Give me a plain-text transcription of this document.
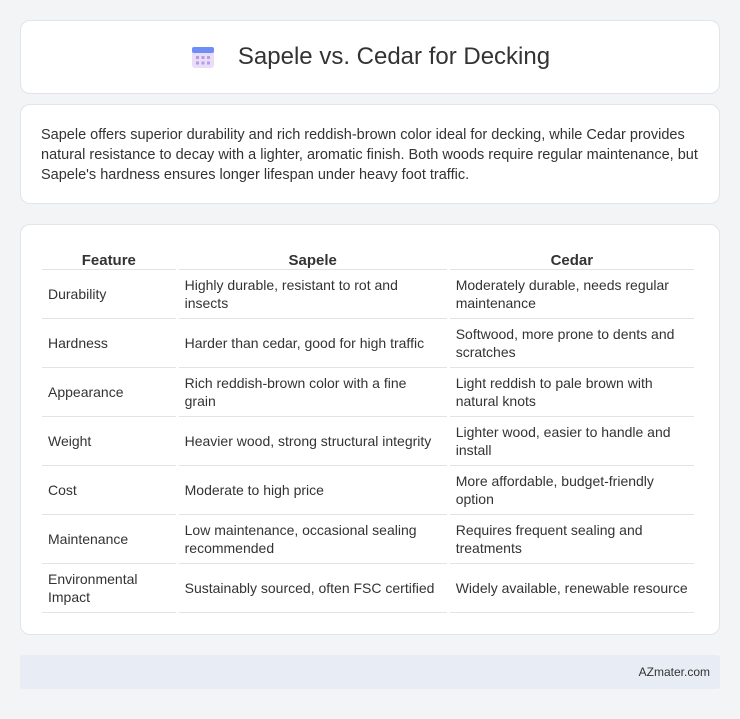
Sapele vs. Cedar for Decking

Sapele offers superior durability and rich reddish-brown color ideal for decking, while Cedar provides natural resistance to decay with a lighter, aromatic finish. Both woods require regular maintenance, but Sapele's hardness ensures longer lifespan under heavy foot traffic.

Feature	Sapele	Cedar
Durability	Highly durable, resistant to rot and insects	Moderately durable, needs regular maintenance
Hardness	Harder than cedar, good for high traffic	Softwood, more prone to dents and scratches
Appearance	Rich reddish-brown color with a fine grain	Light reddish to pale brown with natural knots
Weight	Heavier wood, strong structural integrity	Lighter wood, easier to handle and install
Cost	Moderate to high price	More affordable, budget-friendly option
Maintenance	Low maintenance, occasional sealing recommended	Requires frequent sealing and treatments
Environmental Impact	Sustainably sourced, often FSC certified	Widely available, renewable resource
AZmater.com
